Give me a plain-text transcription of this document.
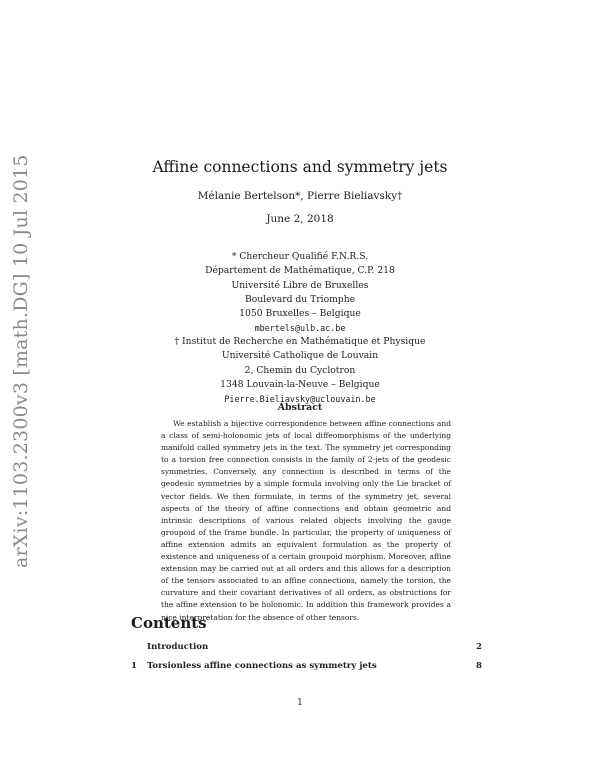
arXiv:1103.2300v3 [math.DG] 10 Jul 2015	Affine connections and symmetry jets
Mélanie Bertelson*, Pierre Bieliavsky†
June 2, 2018
* Chercheur Qualifié F.N.R.S.
Département de Mathématique, C.P. 218
Université Libre de Bruxelles
Boulevard du Triomphe
1050 Bruxelles – Belgique
mbertels@ulb.ac.be
† Institut de Recherche en Mathématique et Physique
Université Catholique de Louvain
2, Chemin du Cyclotron
1348 Louvain-la-Neuve – Belgique
Pierre.Bieliavsky@uclouvain.be
Abstract
We establish a bijective correspondence between affine connections and a class of semi-holonomic jets of local diffeomorphisms of the underlying manifold called symmetry jets in the text. The symmetry jet corresponding to a torsion free connection consists in the family of 2-jets of the geodesic symmetries. Conversely, any connection is described in terms of the geodesic symmetries by a simple formula involving only the Lie bracket of vector fields. We then formulate, in terms of the symmetry jet, several aspects of the theory of affine connections and obtain geometric and intrinsic descriptions of various related objects involving the gauge groupoid of the frame bundle. In particular, the property of uniqueness of affine extension admits an equivalent formulation as the property of existence and uniqueness of a certain groupoid morphism. Moreover, affine extension may be carried out at all orders and this allows for a description of the tensors associated to an affine connections, namely the torsion, the curvature and their covariant derivatives of all orders, as obstructions for the affine extension to be holonomic. In addition this framework provides a nice interpretation for the absence of other tensors.
Contents
Introduction	2
1 Torsionless affine connections as symmetry jets	8
1
